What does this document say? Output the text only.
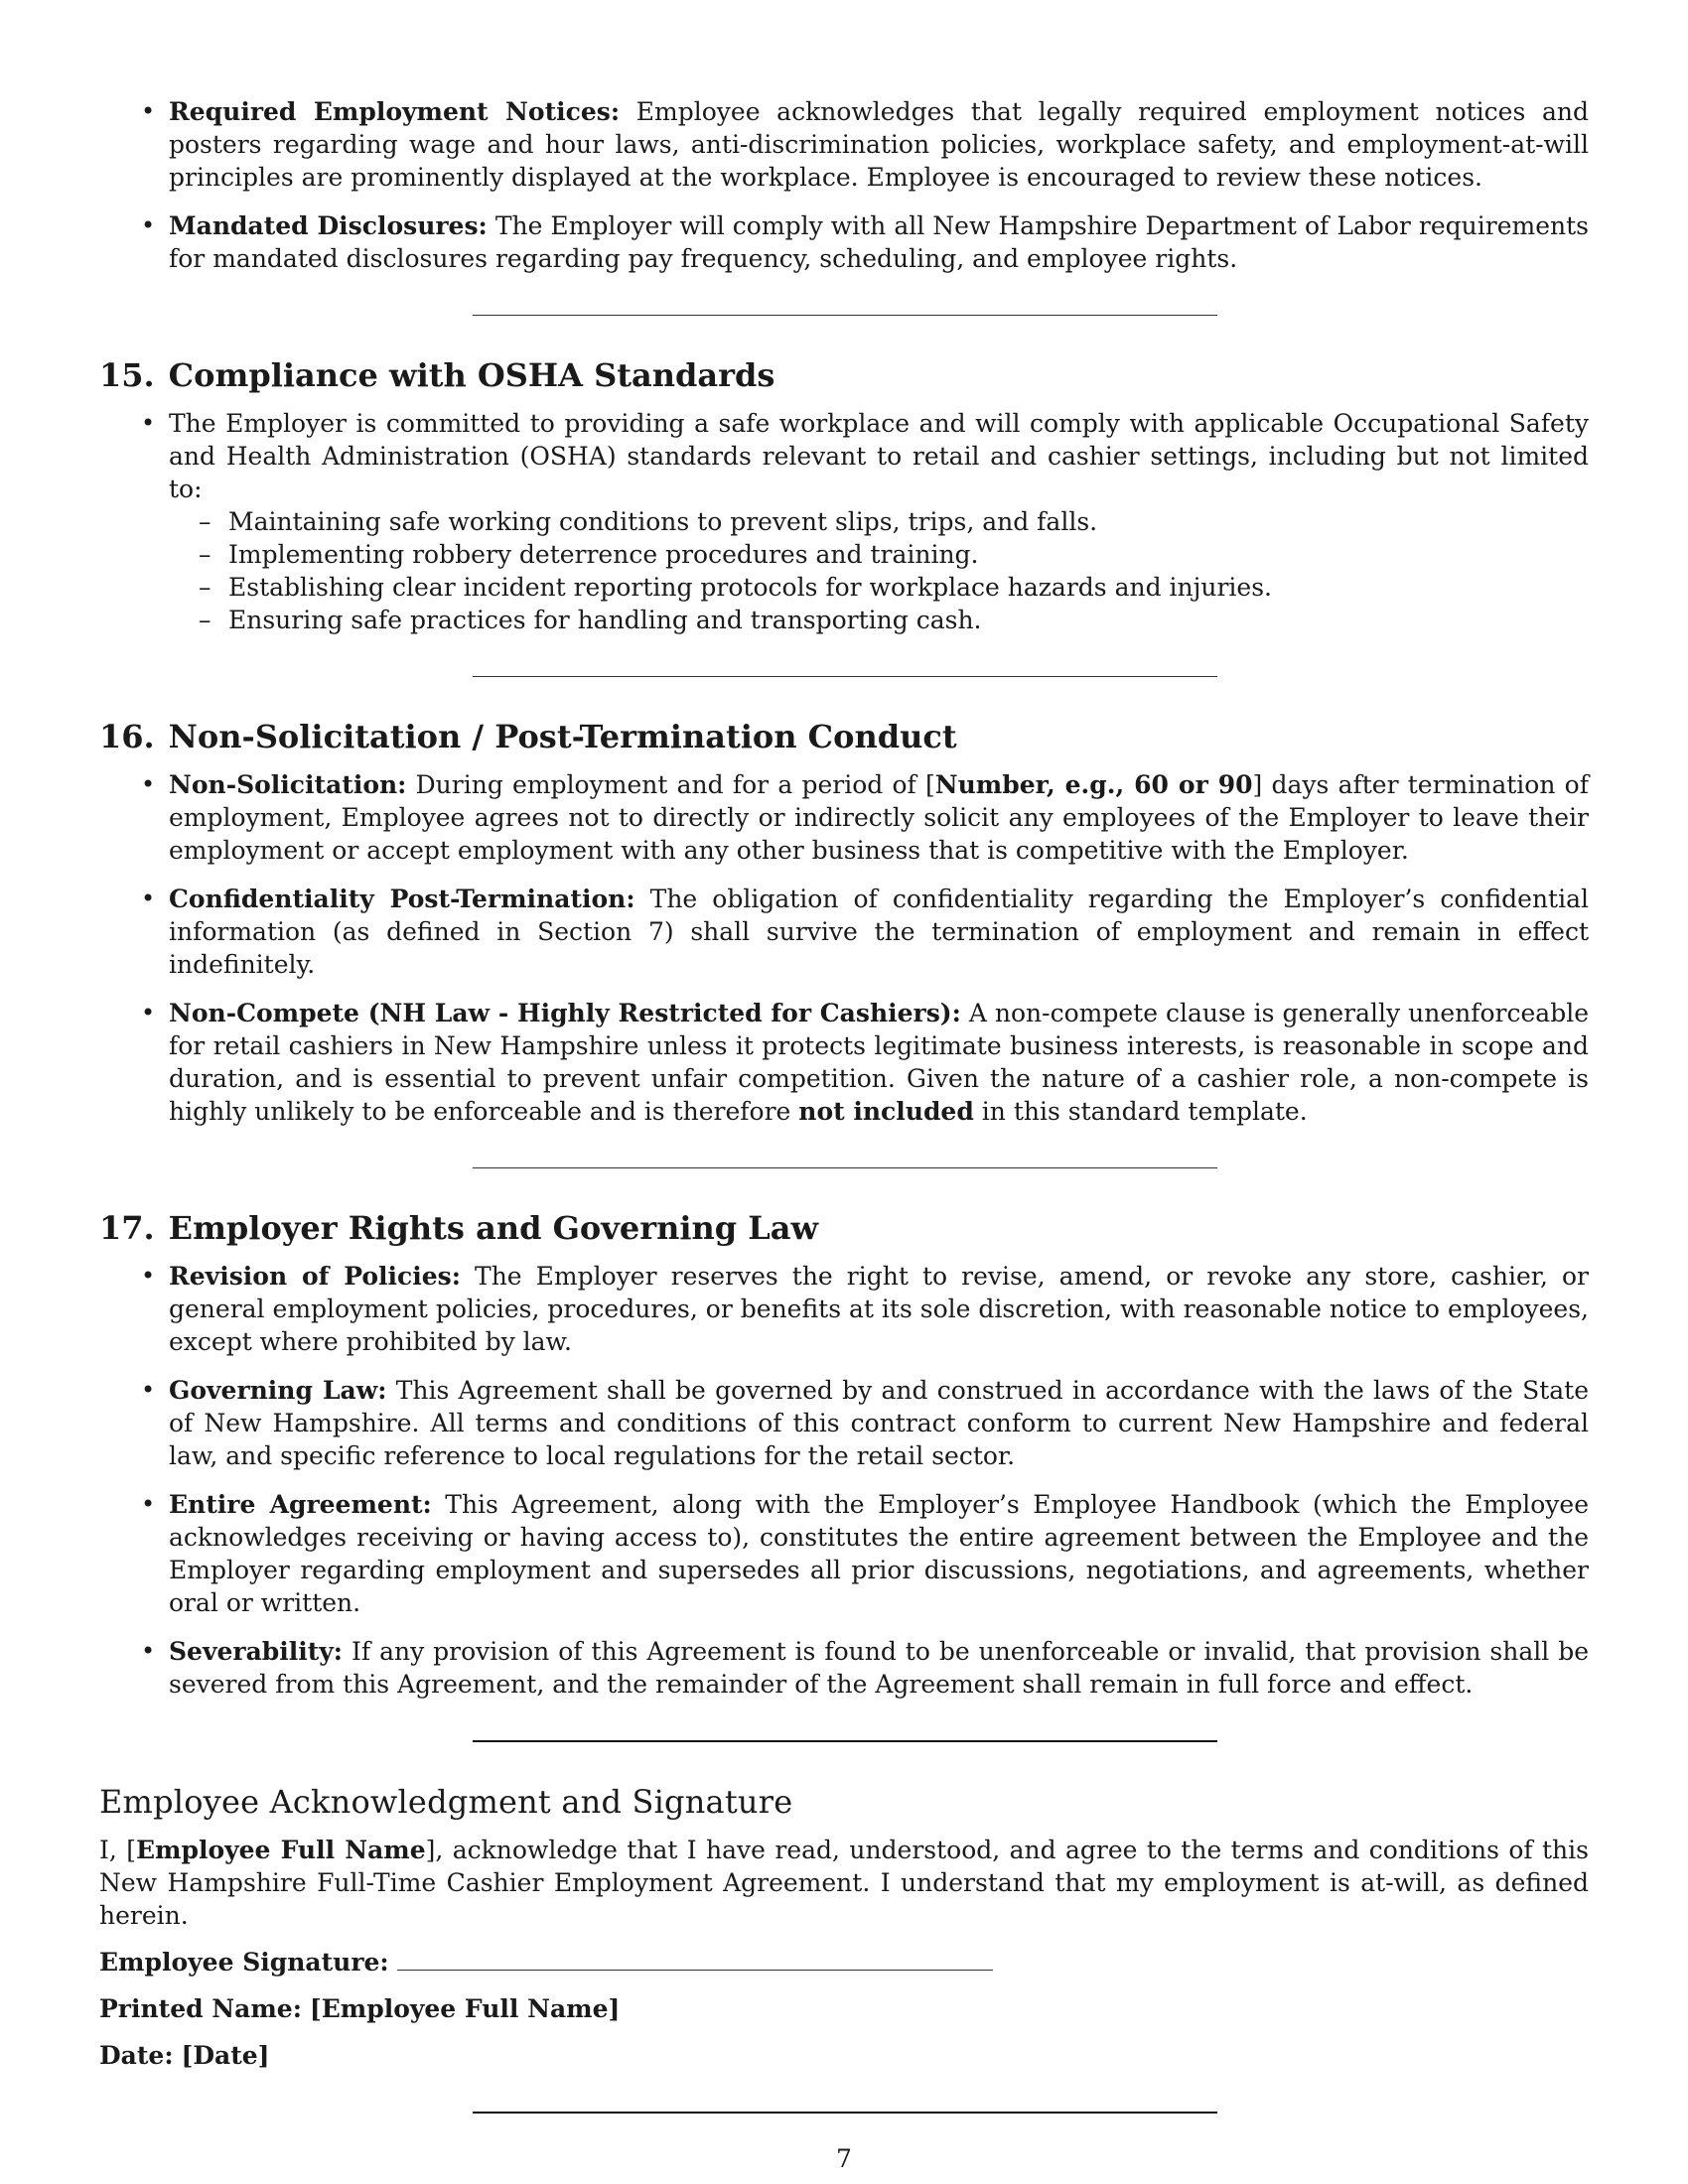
• Required Employment Notices: Employee acknowledges that legally required employment notices and posters regarding wage and hour laws, anti-discrimination policies, workplace safety, and employment-at-will principles are prominently displayed at the workplace. Employee is encouraged to review these notices.
• Mandated Disclosures: The Employer will comply with all New Hampshire Department of Labor requirements for mandated disclosures regarding pay frequency, scheduling, and employee rights.
15. Compliance with OSHA Standards
• The Employer is committed to providing a safe workplace and will comply with applicable Occupational Safety and Health Administration (OSHA) standards relevant to retail and cashier settings, including but not limited to:
– Maintaining safe working conditions to prevent slips, trips, and falls.
– Implementing robbery deterrence procedures and training.
– Establishing clear incident reporting protocols for workplace hazards and injuries.
– Ensuring safe practices for handling and transporting cash.
16. Non-Solicitation / Post-Termination Conduct
• Non-Solicitation: During employment and for a period of [Number, e.g., 60 or 90] days after termination of employment, Employee agrees not to directly or indirectly solicit any employees of the Employer to leave their employment or accept employment with any other business that is competitive with the Employer.
• Confidentiality Post-Termination: The obligation of confidentiality regarding the Employer’s confidential information (as defined in Section 7) shall survive the termination of employment and remain in effect indefinitely.
• Non-Compete (NH Law - Highly Restricted for Cashiers): A non-compete clause is generally unenforceable for retail cashiers in New Hampshire unless it protects legitimate business interests, is reasonable in scope and duration, and is essential to prevent unfair competition. Given the nature of a cashier role, a non-compete is highly unlikely to be enforceable and is therefore not included in this standard template.
17. Employer Rights and Governing Law
• Revision of Policies: The Employer reserves the right to revise, amend, or revoke any store, cashier, or general employment policies, procedures, or benefits at its sole discretion, with reasonable notice to employees, except where prohibited by law.
• Governing Law: This Agreement shall be governed by and construed in accordance with the laws of the State of New Hampshire. All terms and conditions of this contract conform to current New Hampshire and federal law, and specific reference to local regulations for the retail sector.
• Entire Agreement: This Agreement, along with the Employer’s Employee Handbook (which the Employee acknowledges receiving or having access to), constitutes the entire agreement between the Employee and the Employer regarding employment and supersedes all prior discussions, negotiations, and agreements, whether oral or written.
• Severability: If any provision of this Agreement is found to be unenforceable or invalid, that provision shall be severed from this Agreement, and the remainder of the Agreement shall remain in full force and effect.
Employee Acknowledgment and Signature

I, [Employee Full Name], acknowledge that I have read, understood, and agree to the terms and conditions of this New Hampshire Full-Time Cashier Employment Agreement. I understand that my employment is at-will, as defined herein.

Employee Signature:
Printed Name: [Employee Full Name]
Date: [Date]
7
